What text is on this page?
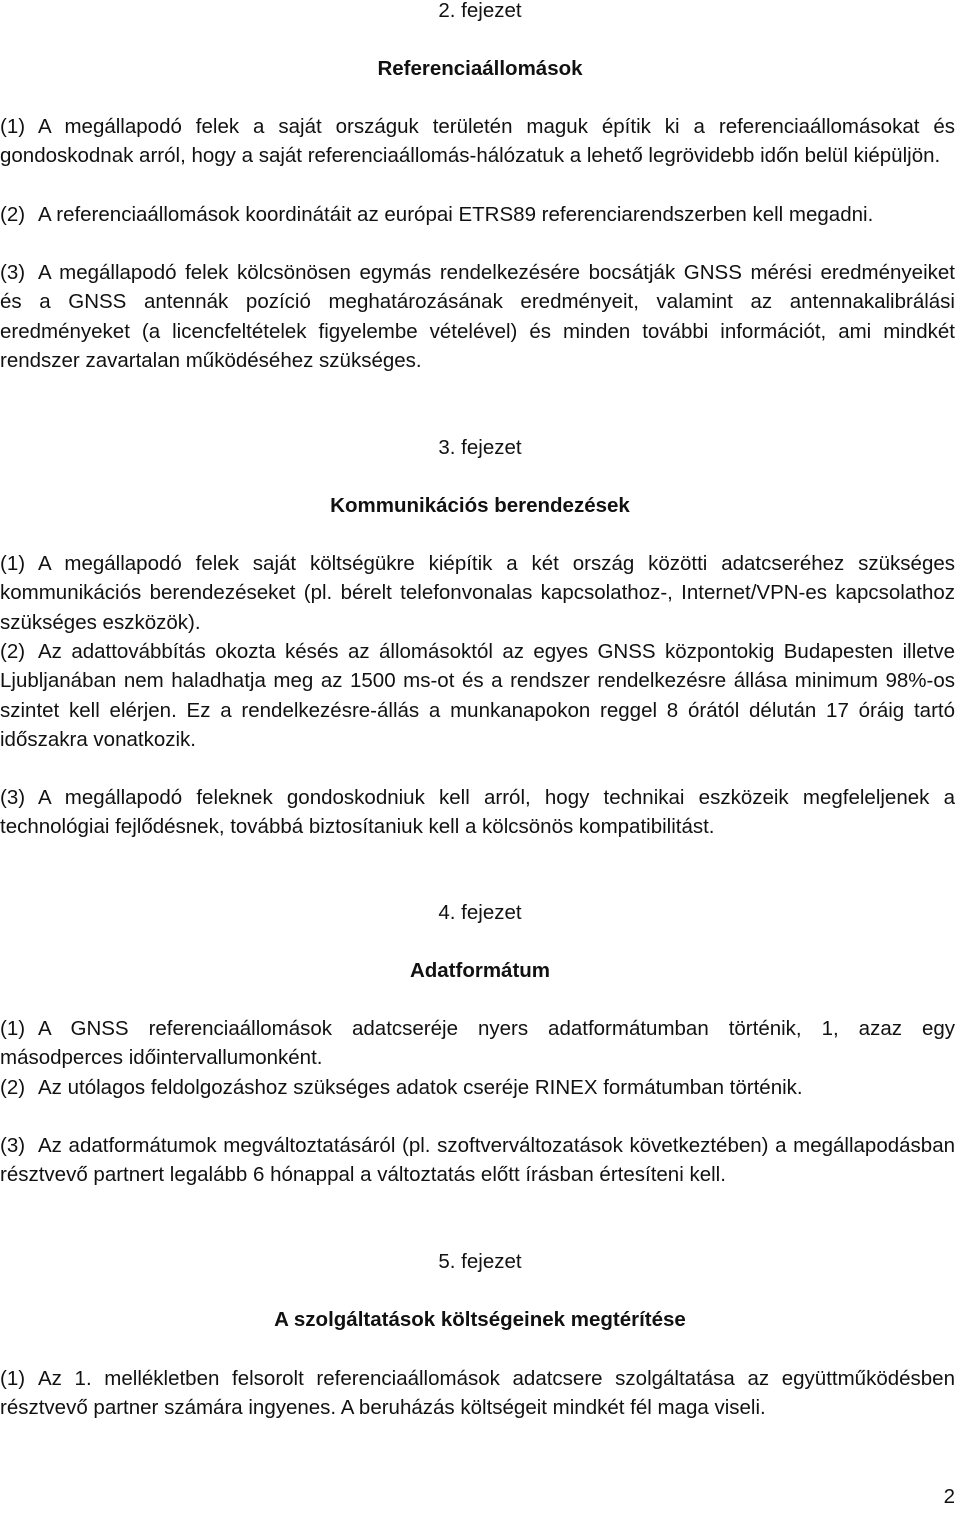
2. fejezet
Referenciaállomások
(1) A megállapodó felek a saját országuk területén maguk építik ki a referenciaállomásokat és gondoskodnak arról, hogy a saját referenciaállomás-hálózatuk a lehető legrövidebb időn belül kiépüljön.
(2) A referenciaállomások koordinátáit az európai ETRS89 referenciarendszerben kell megadni.
(3) A megállapodó felek kölcsönösen egymás rendelkezésére bocsátják GNSS mérési eredményeiket és a GNSS antennák pozíció meghatározásának eredményeit, valamint az antennakalibrálási eredményeket (a licencfeltételek figyelembe vételével) és minden további információt, ami mindkét rendszer zavartalan működéséhez szükséges.
3. fejezet
Kommunikációs berendezések
(1) A megállapodó felek saját költségükre kiépítik a két ország közötti adatcseréhez szükséges kommunikációs berendezéseket (pl. bérelt telefonvonalas kapcsolathoz-, Internet/VPN-es kapcsolathoz szükséges eszközök).
(2) Az adattovábbítás okozta késés az állomásoktól az egyes GNSS központokig Budapesten illetve Ljubljanában nem haladhatja meg az 1500 ms-ot és a rendszer rendelkezésre állása minimum 98%-os szintet kell elérjen. Ez a rendelkezésre-állás a munkanapokon reggel 8 órától délután 17 óráig tartó időszakra vonatkozik.
(3) A megállapodó feleknek gondoskodniuk kell arról, hogy technikai eszközeik megfeleljenek a technológiai fejlődésnek, továbbá biztosítaniuk kell a kölcsönös kompatibilitást.
4. fejezet
Adatformátum
(1) A GNSS referenciaállomások adatcseréje nyers adatformátumban történik, 1, azaz egy másodperces időintervallumonként.
(2) Az utólagos feldolgozáshoz szükséges adatok cseréje RINEX formátumban történik.
(3) Az adatformátumok megváltoztatásáról (pl. szoftverváltozatások következtében) a megállapodásban résztvevő partnert legalább 6 hónappal a változtatás előtt írásban értesíteni kell.
5. fejezet
A szolgáltatások költségeinek megtérítése
(1) Az 1. mellékletben felsorolt referenciaállomások adatcsere szolgáltatása az együttműködésben résztvevő partner számára ingyenes. A beruházás költségeit mindkét fél maga viseli.
2
